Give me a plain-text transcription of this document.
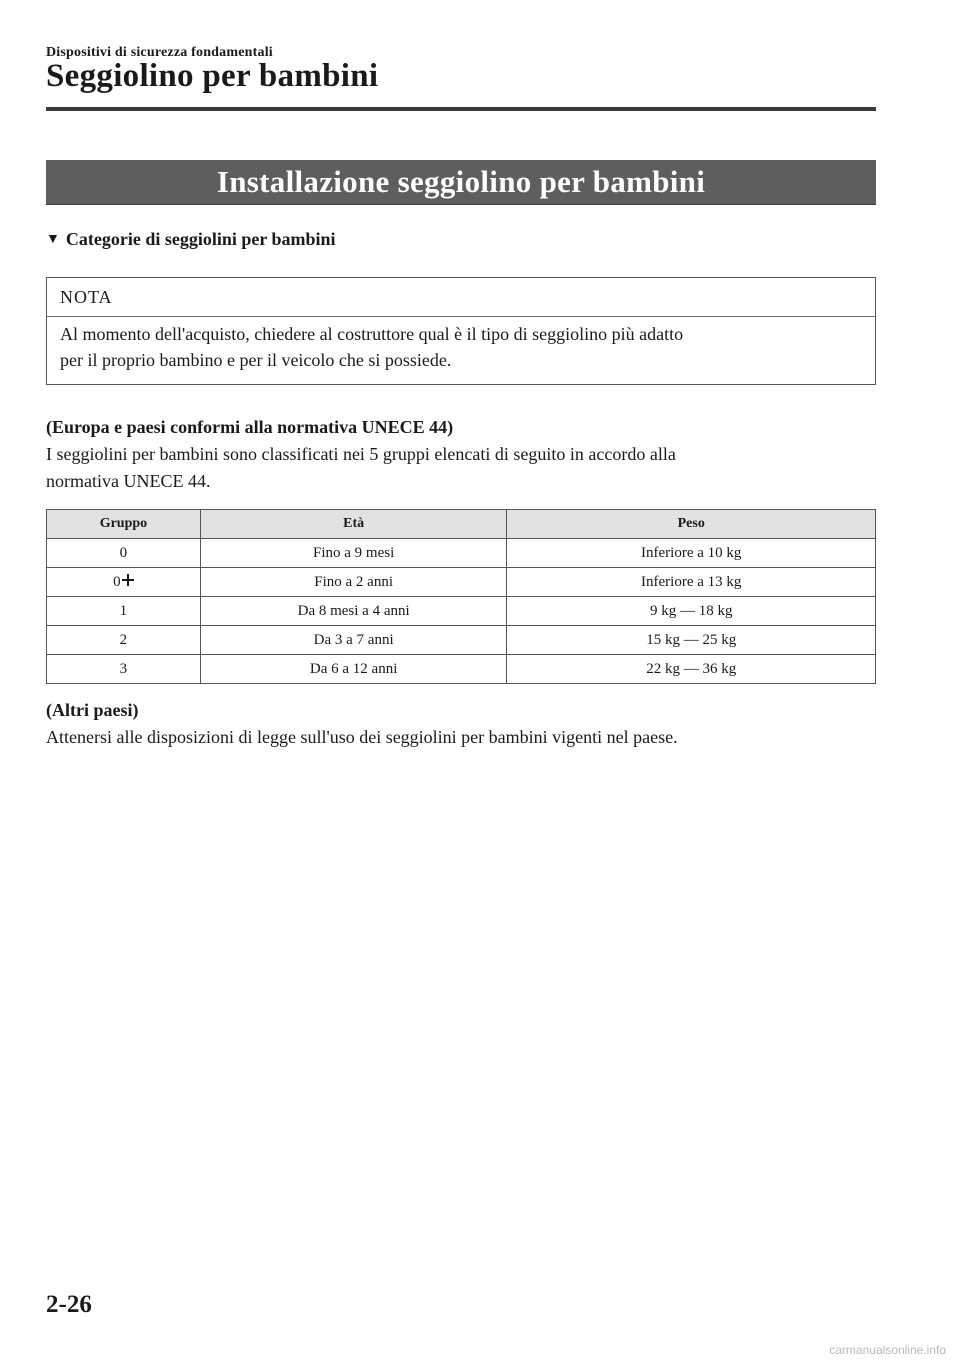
Dispositivi di sicurezza fondamentali
Seggiolino per bambini
Installazione seggiolino per bambini
▼ Categorie di seggiolini per bambini
NOTA
Al momento dell'acquisto, chiedere al costruttore qual è il tipo di seggiolino più adatto
per il proprio bambino e per il veicolo che si possiede.
(Europa e paesi conformi alla normativa UNECE 44)
I seggiolini per bambini sono classificati nei 5 gruppi elencati di seguito in accordo alla
normativa UNECE 44.
Gruppo	Età	Peso
0	Fino a 9 mesi	Inferiore a 10 kg
0	Fino a 2 anni	Inferiore a 13 kg
1	Da 8 mesi a 4 anni	9 kg ― 18 kg
2	Da 3 a 7 anni	15 kg ― 25 kg
3	Da 6 a 12 anni	22 kg ― 36 kg
(Altri paesi)
Attenersi alle disposizioni di legge sull'uso dei seggiolini per bambini vigenti nel paese.
2-26
carmanualsonline.info
